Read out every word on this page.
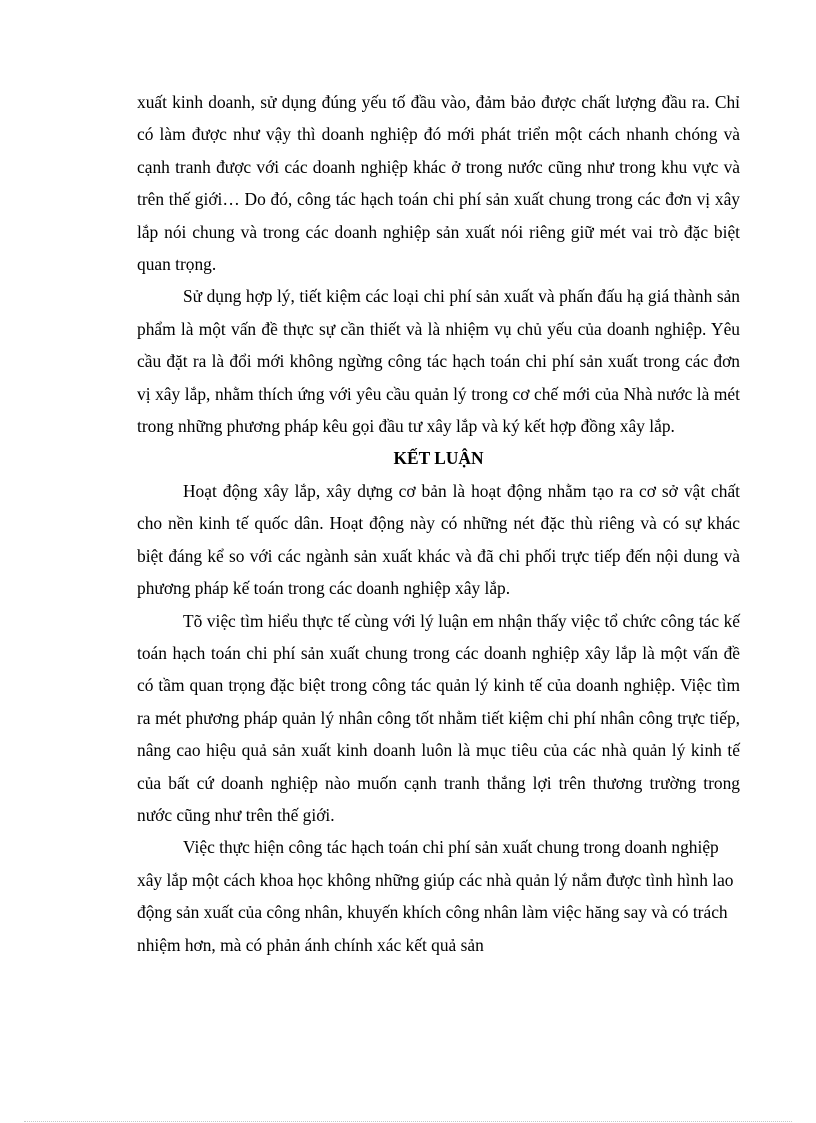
xuất kinh doanh, sử dụng đúng yếu tố đầu vào, đảm bảo được chất lượng đầu ra. Chỉ có làm được như vậy thì doanh nghiệp đó mới phát triển một cách nhanh chóng và cạnh tranh được với các doanh nghiệp khác ở trong nước cũng như trong khu vực và trên thế giới… Do đó, công tác hạch toán chi phí sản xuất chung trong các đơn vị xây lắp nói chung và trong các doanh nghiệp sản xuất nói riêng giữ mét vai trò đặc biệt quan trọng.

Sử dụng hợp lý, tiết kiệm các loại chi phí sản xuất và phấn đấu hạ giá thành sản phẩm là một vấn đề thực sự cần thiết và là nhiệm vụ chủ yếu của doanh nghiệp. Yêu cầu đặt ra là đổi mới không ngừng công tác hạch toán chi phí sản xuất trong các đơn vị xây lắp, nhằm thích ứng với yêu cầu quản lý trong cơ chế mới của Nhà nước là mét trong những phương pháp kêu gọi đầu tư xây lắp và ký kết hợp đồng xây lắp.

KẾT LUẬN

Hoạt động xây lắp, xây dựng cơ bản là hoạt động nhằm tạo ra cơ sở vật chất cho nền kinh tế quốc dân. Hoạt động này có những nét đặc thù riêng và có sự khác biệt đáng kể so với các ngành sản xuất khác và đã chi phối trực tiếp đến nội dung và phương pháp kế toán trong các doanh nghiệp xây lắp.

Tõ việc tìm hiểu thực tế cùng với lý luận em nhận thấy việc tổ chức công tác kế toán hạch toán chi phí sản xuất chung trong các doanh nghiệp xây lắp là một vấn đề có tầm quan trọng đặc biệt trong công tác quản lý kinh tế của doanh nghiệp. Việc tìm ra mét phương pháp quản lý nhân công tốt nhằm tiết kiệm chi phí nhân công trực tiếp, nâng cao hiệu quả sản xuất kinh doanh luôn là mục tiêu của các nhà quản lý kinh tế của bất cứ doanh nghiệp nào muốn cạnh tranh thắng lợi trên thương trường trong nước cũng như trên thế giới.

Việc thực hiện công tác hạch toán chi phí sản xuất chung trong doanh nghiệp xây lắp một cách khoa học không những giúp các nhà quản lý nắm được tình hình lao động sản xuất của công nhân, khuyến khích công nhân làm việc hăng say và có trách nhiệm hơn, mà có phản ánh chính xác kết quả sản
